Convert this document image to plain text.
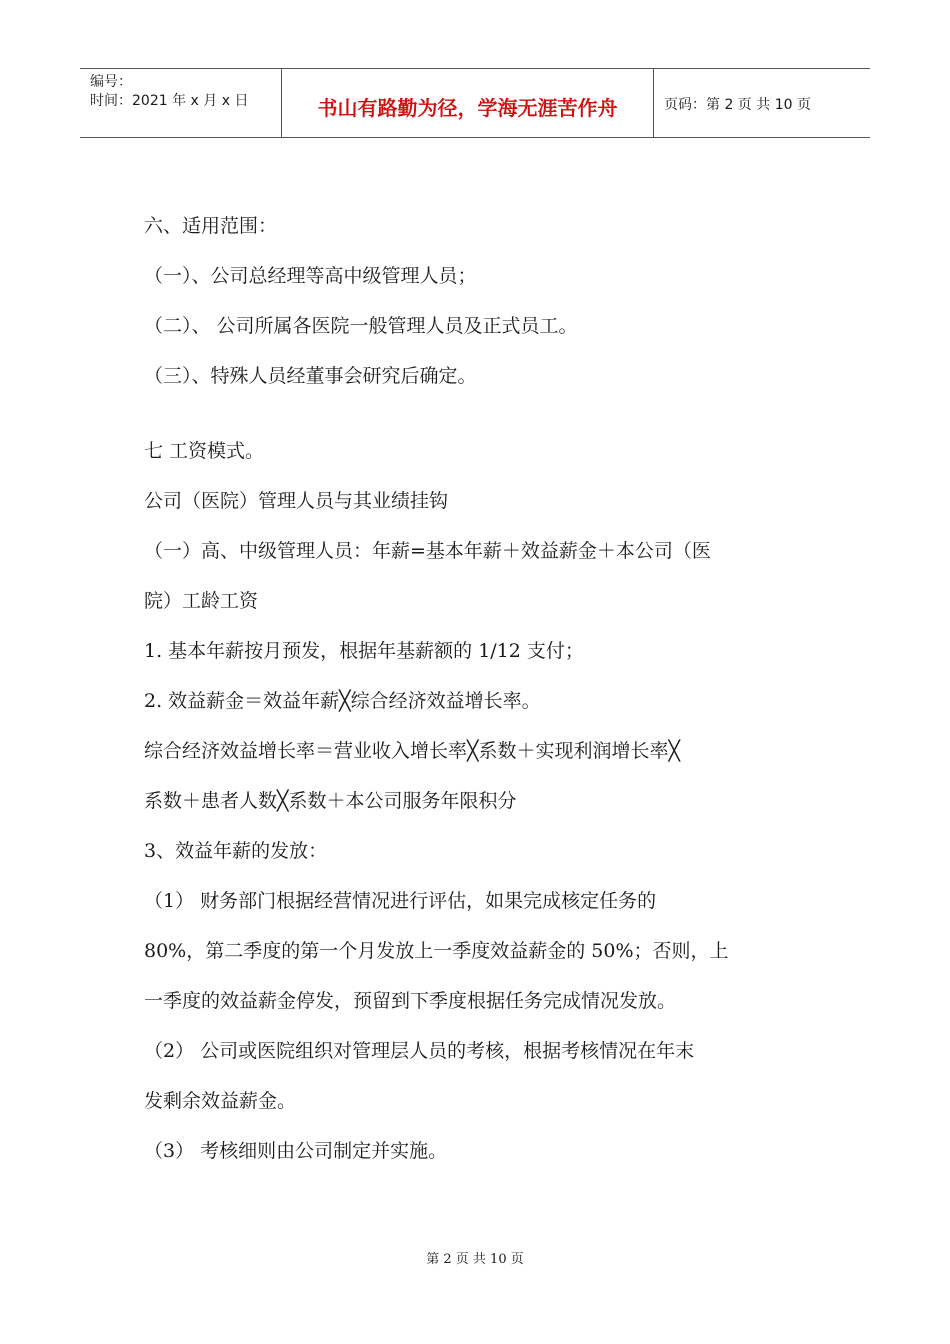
编号：
时间：2021 年 x 月 x 日	书山有路勤为径，学海无涯苦作舟	页码：第 2 页 共 10 页
六、适用范围：
（一）、公司总经理等高中级管理人员；
（二）、 公司所属各医院一般管理人员及正式员工。
（三）、特殊人员经董事会研究后确定。
七 工资模式。
公司（医院）管理人员与其业绩挂钩
（一）高、中级管理人员：年薪=基本年薪＋效益薪金＋本公司（医
院）工龄工资
1. 基本年薪按月预发，根据年基薪额的 1/12 支付；
2. 效益薪金＝效益年薪╳综合经济效益增长率。
综合经济效益增长率＝营业收入增长率╳系数＋实现利润增长率╳
系数＋患者人数╳系数＋本公司服务年限积分
3、效益年薪的发放：
（1） 财务部门根据经营情况进行评估，如果完成核定任务的
80%，第二季度的第一个月发放上一季度效益薪金的 50%；否则，上
一季度的效益薪金停发，预留到下季度根据任务完成情况发放。
（2） 公司或医院组织对管理层人员的考核，根据考核情况在年末
发剩余效益薪金。
（3） 考核细则由公司制定并实施。
第 2 页 共 10 页
